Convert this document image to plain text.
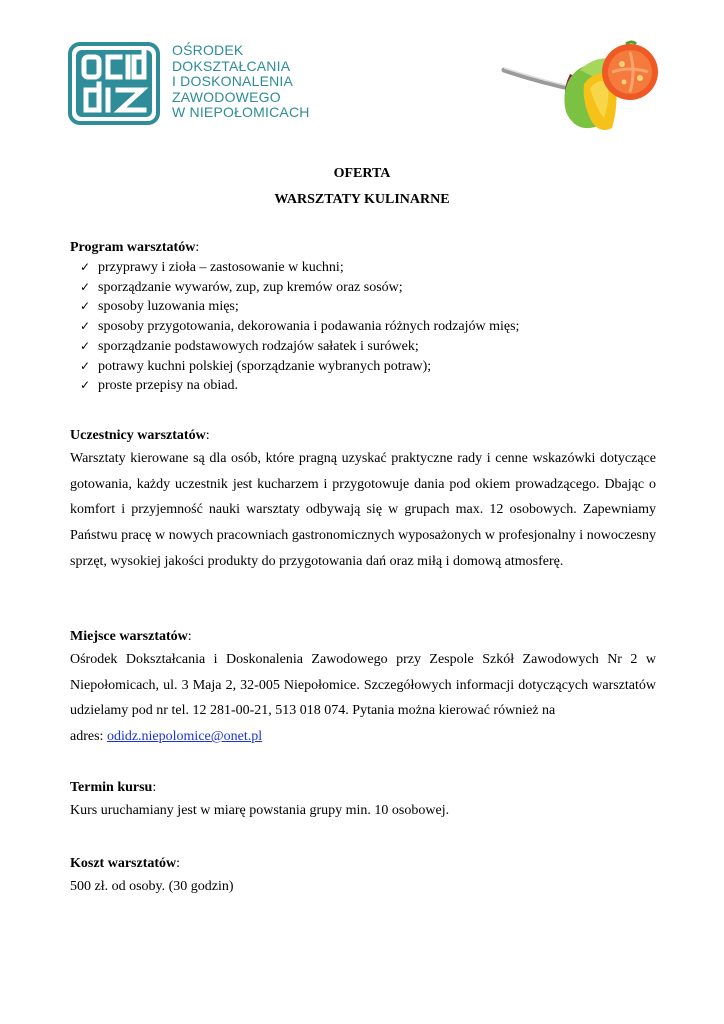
OŚRODEK
DOKSZTAŁCANIA
I DOSKONALENIA
ZAWODOWEGO
W NIEPOŁOMICACH
OFERTA
WARSZTATY KULINARNE
Program warsztatów:
✓ przyprawy i zioła – zastosowanie w kuchni;
✓ sporządzanie wywarów, zup, zup kremów oraz sosów;
✓ sposoby luzowania mięs;
✓ sposoby przygotowania, dekorowania i podawania różnych rodzajów mięs;
✓ sporządzanie podstawowych rodzajów sałatek i surówek;
✓ potrawy kuchni polskiej (sporządzanie wybranych potraw);
✓ proste przepisy na obiad.
Uczestnicy warsztatów:

Warsztaty kierowane są dla osób, które pragną uzyskać praktyczne rady i cenne wskazówki dotyczące gotowania, każdy uczestnik jest kucharzem i przygotowuje dania pod okiem prowadzącego. Dbając o komfort i przyjemność nauki warsztaty odbywają się w grupach max. 12 osobowych. Zapewniamy Państwu pracę w nowych pracowniach gastronomicznych wyposażonych w profesjonalny i nowoczesny sprzęt, wysokiej jakości produkty do przygotowania dań oraz miłą i domową atmosferę.

Miejsce warsztatów:

Ośrodek Dokształcania i Doskonalenia Zawodowego przy Zespole Szkół Zawodowych Nr 2 w Niepołomicach, ul. 3 Maja 2, 32-005 Niepołomice. Szczegółowych informacji dotyczących warsztatów udzielamy pod nr tel. 12 281-00-21, 513 018 074. Pytania można kierować również na

adres: odidz.niepolomice@onet.pl

Termin kursu:

Kurs uruchamiany jest w miarę powstania grupy min. 10 osobowej.

Koszt warsztatów:

500 zł. od osoby. (30 godzin)
